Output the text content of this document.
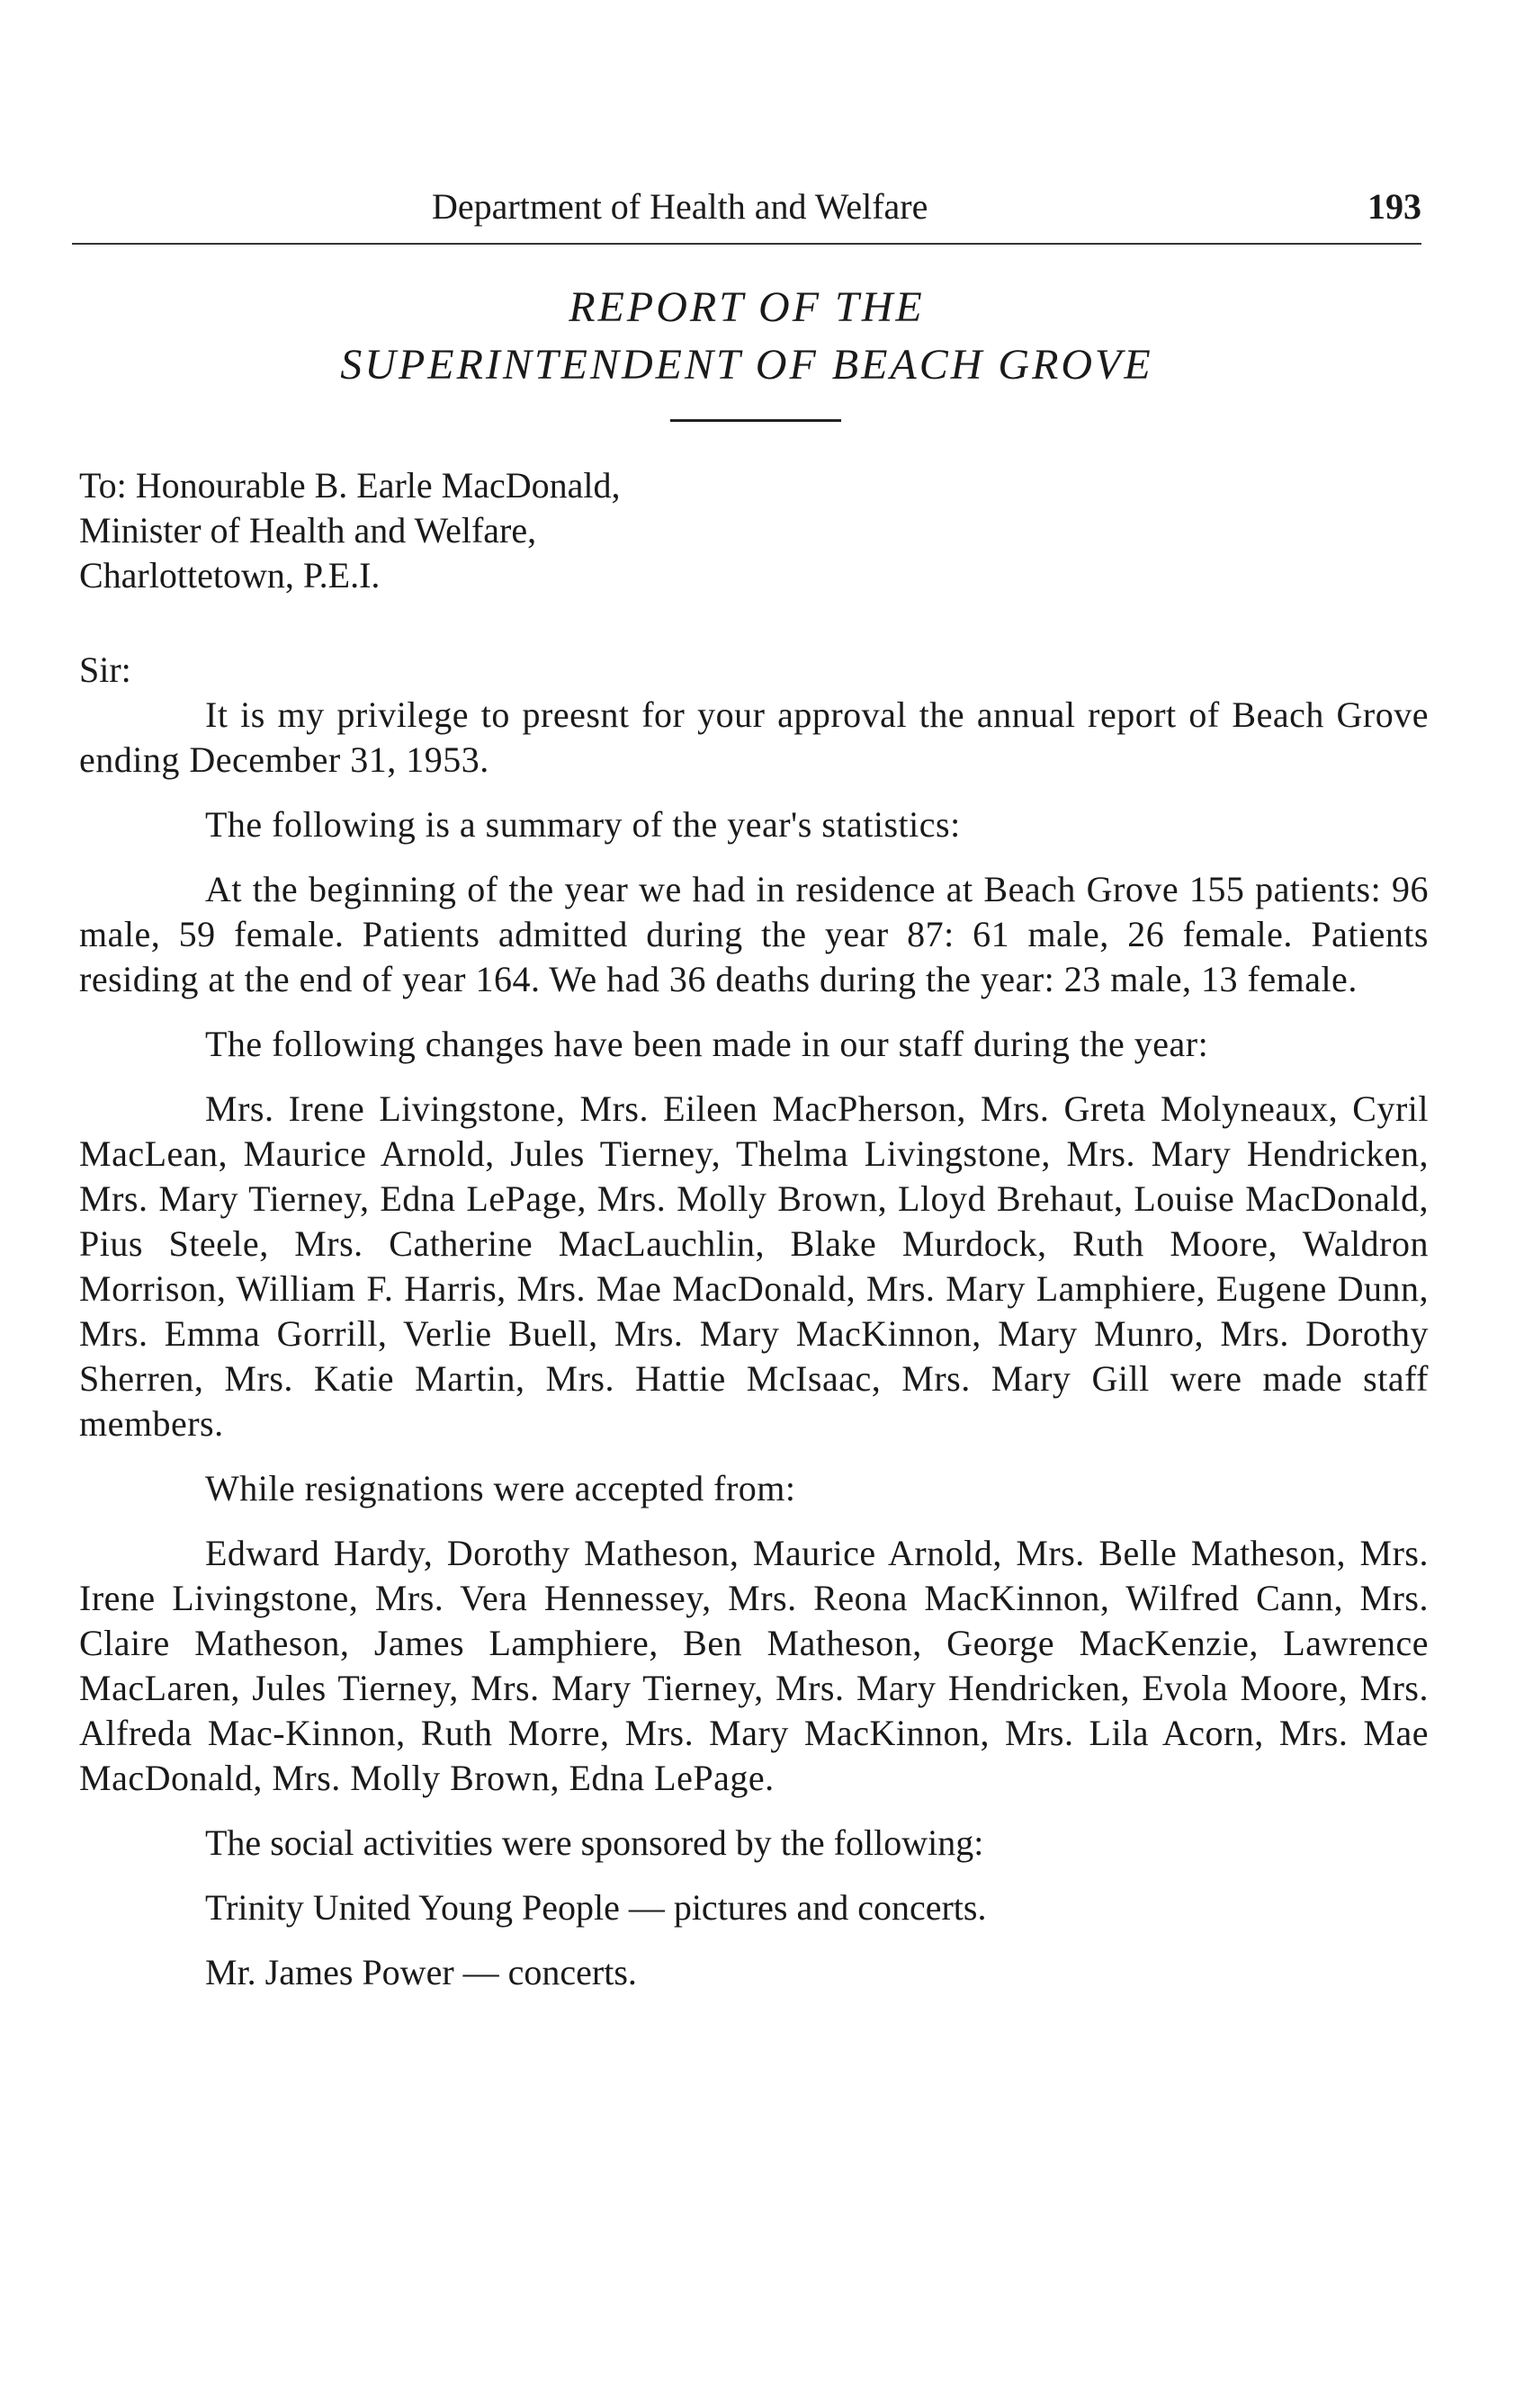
Department of Health and Welfare	193
REPORT OF THE
SUPERINTENDENT OF BEACH GROVE
To: Honourable B. Earle MacDonald,
Minister of Health and Welfare,
Charlottetown, P.E.I.
Sir:

It is my privilege to preesnt for your approval the annual report of Beach Grove ending December 31, 1953.

The following is a summary of the year's statistics:

At the beginning of the year we had in residence at Beach Grove 155 patients: 96 male, 59 female. Patients admitted during the year 87: 61 male, 26 female. Patients residing at the end of year 164. We had 36 deaths during the year: 23 male, 13 female.

The following changes have been made in our staff during the year:

Mrs. Irene Livingstone, Mrs. Eileen MacPherson, Mrs. Greta Molyneaux, Cyril MacLean, Maurice Arnold, Jules Tierney, Thelma Livingstone, Mrs. Mary Hendricken, Mrs. Mary Tierney, Edna LePage, Mrs. Molly Brown, Lloyd Brehaut, Louise MacDonald, Pius Steele, Mrs. Catherine MacLauchlin, Blake Murdock, Ruth Moore, Waldron Morrison, William F. Harris, Mrs. Mae MacDonald, Mrs. Mary Lamphiere, Eugene Dunn, Mrs. Emma Gorrill, Verlie Buell, Mrs. Mary MacKinnon, Mary Munro, Mrs. Dorothy Sherren, Mrs. Katie Martin, Mrs. Hattie McIsaac, Mrs. Mary Gill were made staff members.

While resignations were accepted from:

Edward Hardy, Dorothy Matheson, Maurice Arnold, Mrs. Belle Matheson, Mrs. Irene Livingstone, Mrs. Vera Hennessey, Mrs. Reona MacKinnon, Wilfred Cann, Mrs. Claire Matheson, James Lamphiere, Ben Matheson, George MacKenzie, Lawrence MacLaren, Jules Tierney, Mrs. Mary Tierney, Mrs. Mary Hendricken, Evola Moore, Mrs. Alfreda Mac-Kinnon, Ruth Morre, Mrs. Mary MacKinnon, Mrs. Lila Acorn, Mrs. Mae MacDonald, Mrs. Molly Brown, Edna LePage.

The social activities were sponsored by the following:

Trinity United Young People — pictures and concerts.

Mr. James Power — concerts.
